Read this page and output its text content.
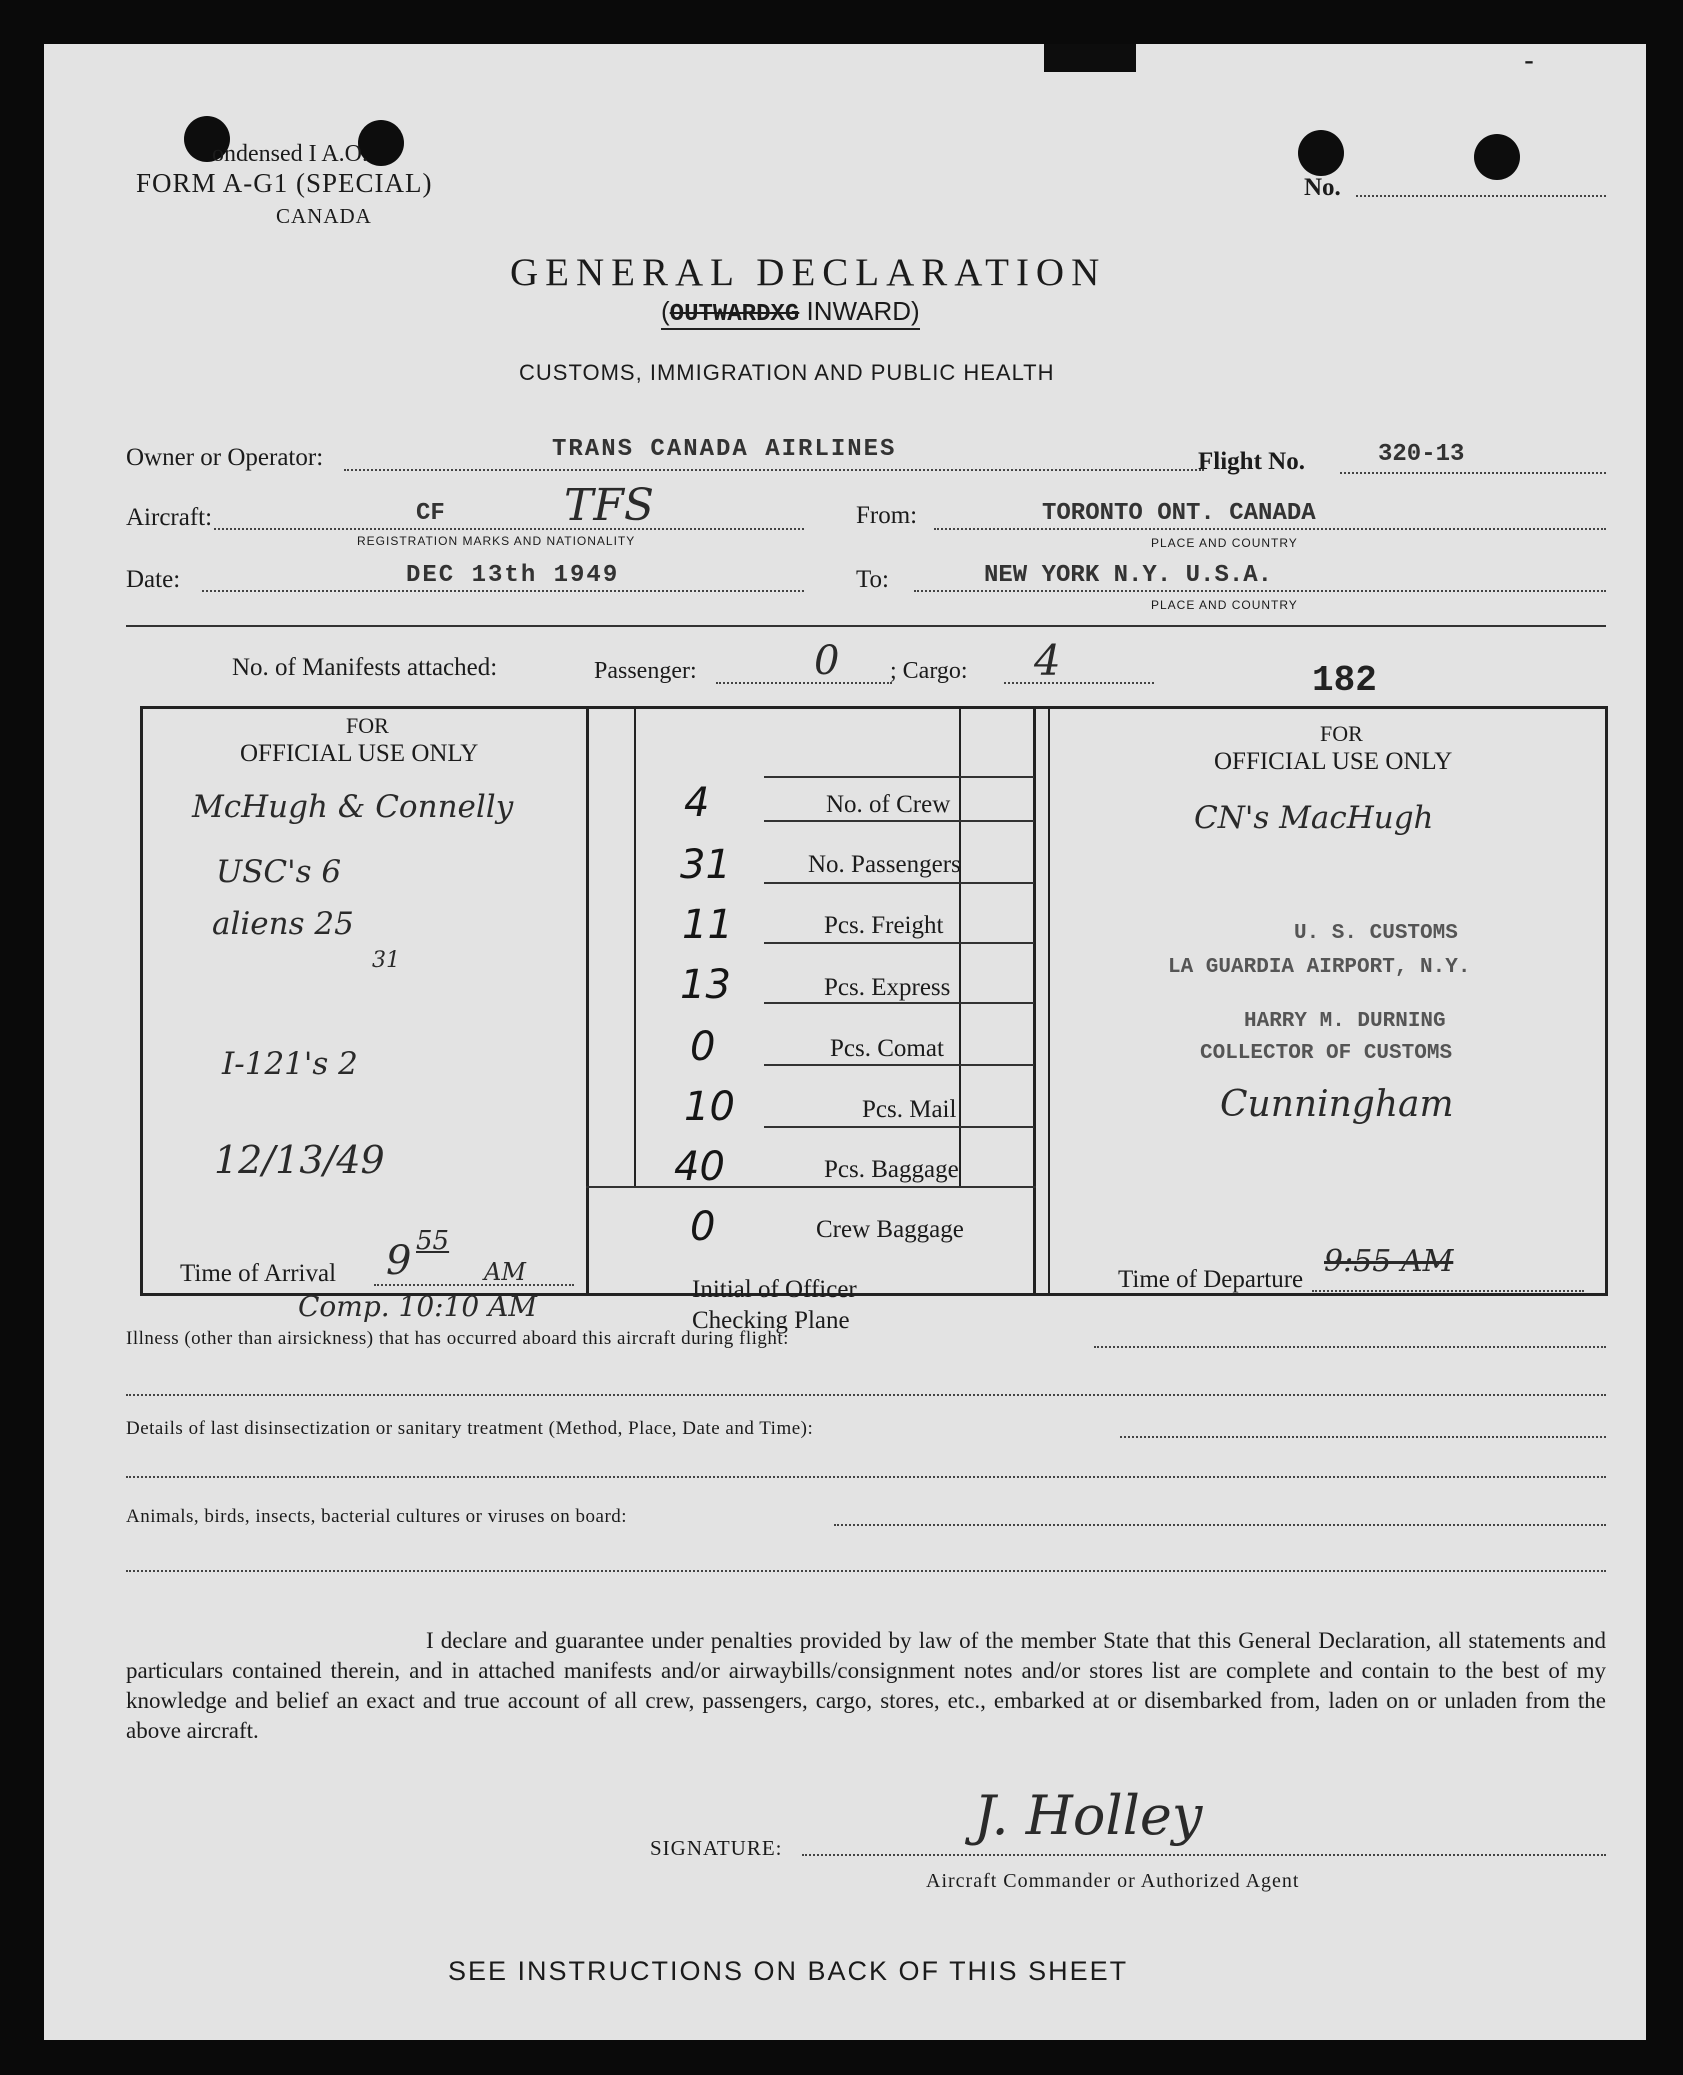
-
ondensed I A.O.
FORM A-G1 (SPECIAL)
CANADA
No.
GENERAL DECLARATION
(OUTWARDXG INWARD)
CUSTOMS, IMMIGRATION AND PUBLIC HEALTH
Owner or Operator:	TRANS CANADA AIRLINES	Flight No.	320-13
Aircraft:	CF	TFS
REGISTRATION MARKS AND NATIONALITY
From:	TORONTO ONT. CANADA
PLACE AND COUNTRY
Date:	DEC 13th 1949	To:	NEW YORK N.Y. U.S.A.
PLACE AND COUNTRY
No. of Manifests attached:	Passenger:	0 ; Cargo: 4	182
FOR
OFFICIAL USE ONLY
McHugh & Connelly
USC's 6
aliens 25
31
I-121's 2
12/13/49
Time of Arrival 9 55
AM
Comp. 10:10 AM
4	No. of Crew
31	No. Passengers
11	Pcs. Freight
13	Pcs. Express
0	Pcs. Comat
10	Pcs. Mail
40	Pcs. Baggage
0	Crew Baggage
Initial of Officer
Checking Plane
FOR
OFFICIAL USE ONLY
CN's MacHugh
U. S. CUSTOMS
LA GUARDIA AIRPORT, N.Y.
HARRY M. DURNING
COLLECTOR OF CUSTOMS
Cunningham
Time of Departure
9:55 AM
Illness (other than airsickness) that has occurred aboard this aircraft during flight:
Details of last disinsectization or sanitary treatment (Method, Place, Date and Time):
Animals, birds, insects, bacterial cultures or viruses on board:
I declare and guarantee under penalties provided by law of the member State that this General Declaration, all statements and particulars contained therein, and in attached manifests and/or airwaybills/consignment notes and/or stores list are complete and contain to the best of my knowledge and belief an exact and true account of all crew, passengers, cargo, stores, etc., embarked at or disembarked from, laden on or unladen from the above aircraft.
SIGNATURE:
J. Holley
Aircraft Commander or Authorized Agent
SEE INSTRUCTIONS ON BACK OF THIS SHEET
